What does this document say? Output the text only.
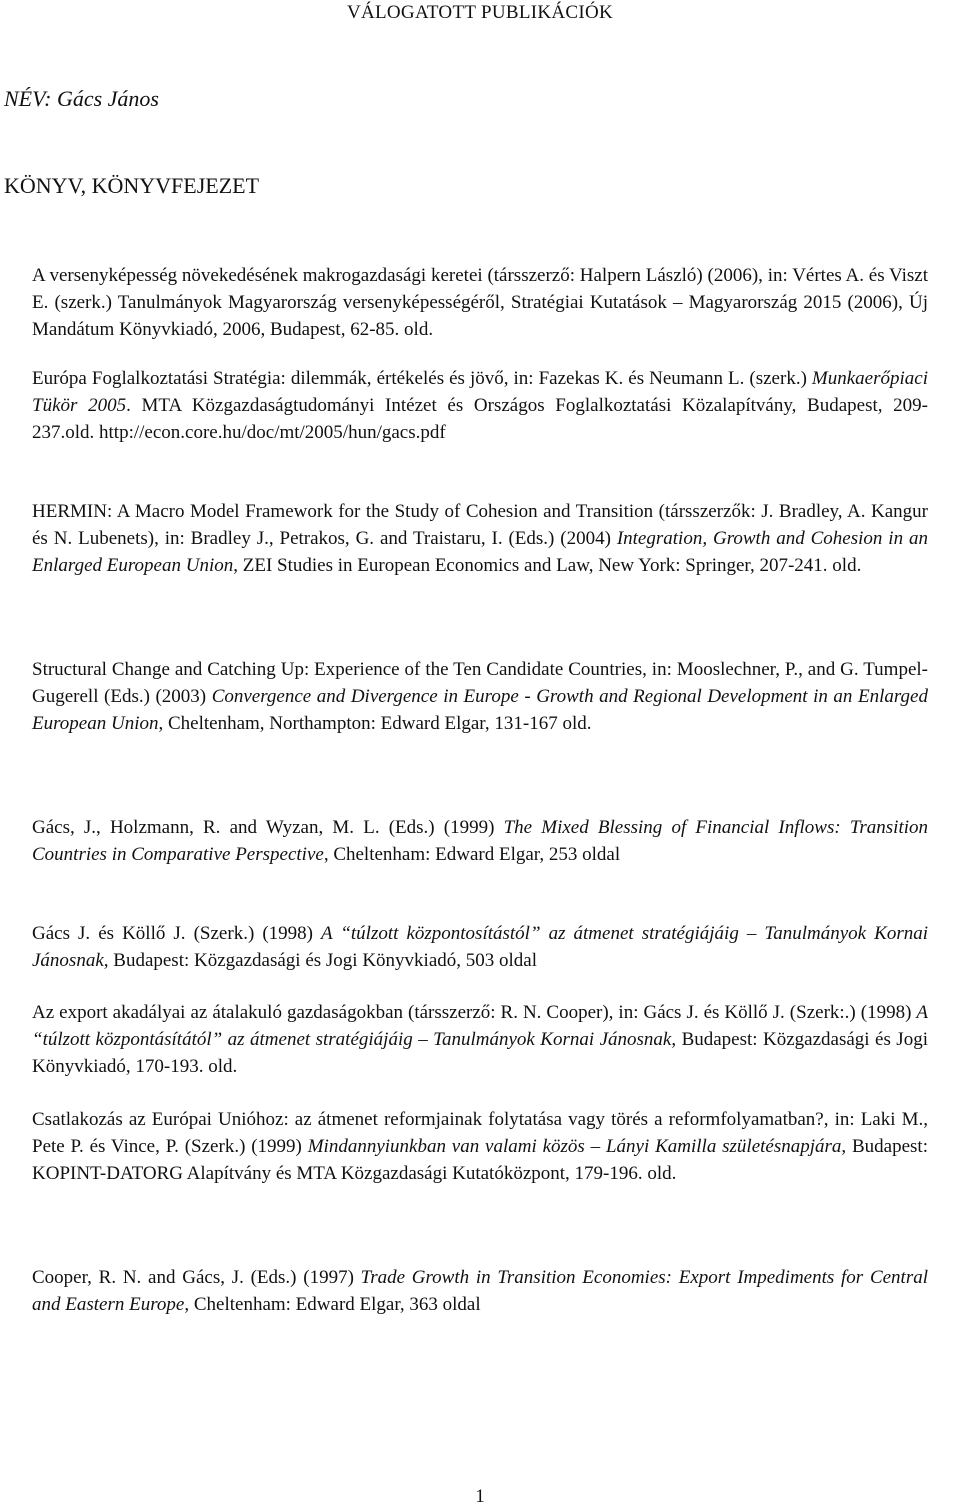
VÁLOGATOTT PUBLIKÁCIÓK
NÉV: Gács János
KÖNYV, KÖNYVFEJEZET
A versenyképesség növekedésének makrogazdasági keretei (társszerző: Halpern László) (2006), in: Vértes A. és Viszt E. (szerk.) Tanulmányok Magyarország versenyképességéről, Stratégiai Kutatások – Magyarország 2015 (2006), Új Mandátum Könyvkiadó, 2006, Budapest, 62-85. old.
Európa Foglalkoztatási Stratégia: dilemmák, értékelés és jövő, in: Fazekas K. és Neumann L. (szerk.) Munkaerőpiaci Tükör 2005. MTA Közgazdaságtudományi Intézet és Országos Foglalkoztatási Közalapítvány, Budapest, 209-237.old. http://econ.core.hu/doc/mt/2005/hun/gacs.pdf
HERMIN: A Macro Model Framework for the Study of Cohesion and Transition (társszerzők: J. Bradley, A. Kangur és N. Lubenets), in: Bradley J., Petrakos, G. and Traistaru, I. (Eds.) (2004) Integration, Growth and Cohesion in an Enlarged European Union, ZEI Studies in European Economics and Law, New York: Springer, 207-241. old.
Structural Change and Catching Up: Experience of the Ten Candidate Countries, in: Mooslechner, P., and G. Tumpel-Gugerell (Eds.) (2003) Convergence and Divergence in Europe - Growth and Regional Development in an Enlarged European Union, Cheltenham, Northampton: Edward Elgar, 131-167 old.
Gács, J., Holzmann, R. and Wyzan, M. L. (Eds.) (1999) The Mixed Blessing of Financial Inflows: Transition Countries in Comparative Perspective, Cheltenham: Edward Elgar, 253 oldal
Gács J. és Köllő J. (Szerk.) (1998) A “túlzott központosítástól” az átmenet stratégiájáig – Tanulmányok Kornai Jánosnak, Budapest: Közgazdasági és Jogi Könyvkiadó, 503 oldal
Az export akadályai az átalakuló gazdaságokban (társszerző: R. N. Cooper), in: Gács J. és Köllő J. (Szerk:.) (1998) A “túlzott központásítától” az átmenet stratégiájáig – Tanulmányok Kornai Jánosnak, Budapest: Közgazdasági és Jogi Könyvkiadó, 170-193. old.
Csatlakozás az Európai Unióhoz: az átmenet reformjainak folytatása vagy törés a reformfolyamatban?, in: Laki M., Pete P. és Vince, P. (Szerk.) (1999) Mindannyiunkban van valami közös – Lányi Kamilla születésnapjára, Budapest: KOPINT-DATORG Alapítvány és MTA Közgazdasági Kutatóközpont, 179-196. old.
Cooper, R. N. and Gács, J. (Eds.) (1997) Trade Growth in Transition Economies: Export Impediments for Central and Eastern Europe, Cheltenham: Edward Elgar, 363 oldal
1
